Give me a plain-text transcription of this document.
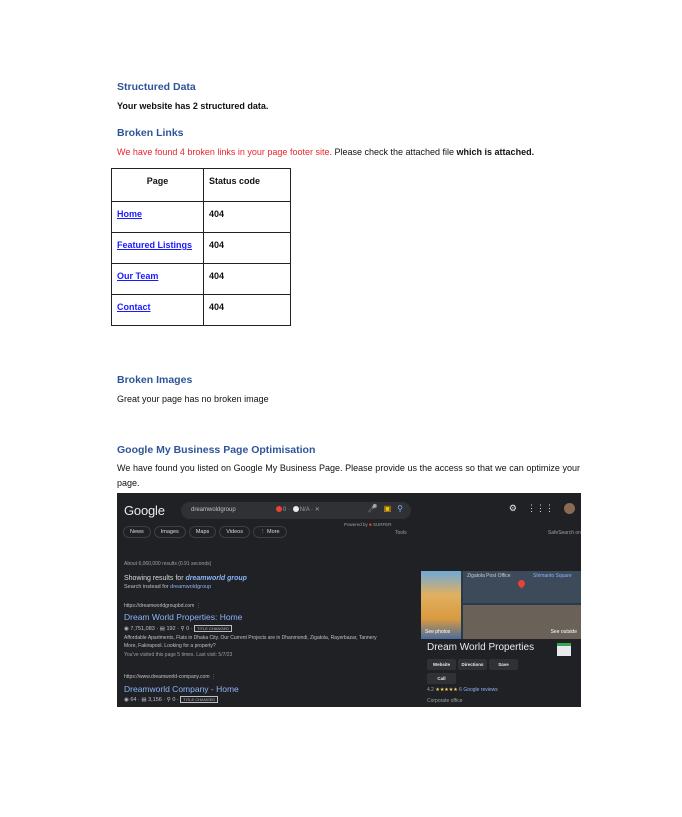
Structured Data
Your website has 2 structured data.
Broken Links
We have found 4 broken links in your page footer site. Please check the attached file which is attached.
Page	Status code
Home	404
Featured Listings	404
Our Team	404
Contact	404
Broken Images
Great your page has no broken image
Google My Business Page Optimisation
We have found you listed on Google My Business Page. Please provide us the access so that we can optimize your page.
Google	dreamwoldgroup	0 · N/A · ✕	🎤 ▣ ⚲
Powered by ■ SURFER
⚙ ⋮⋮⋮
News	Images	Maps	Videos	⋮ More	Tools	SafeSearch on
About 6,060,000 results (0.91 seconds)
Showing results for dreamworld group
Search instead for dreamwoldgroup
https://dreamworldgroupbd.com ⋮
Dream World Properties: Home
◉ 7,751,083 · ▤ 192 · ⚲ 0 · TITLE CHANGED
Affordable Apartments, Flats in Dhaka City. Our Current Projects are in Dhanmondi, Zigatola, Rayerbazar, Tannery More, Fakirapool. Looking for a property?
You've visited this page 5 times. Last visit: 5/7/23
https://www.dreamworld-company.com ⋮
Dreamworld Company - Home
◉ 64 · ▤ 3,156 · ⚲ 0 · TITLE CHANGED
Zigatola Post Office	Shimanto Square
See photos	See outside
Dream World Properties
Website	Directions	SaveCall
4.2 ★★★★★ 6 Google reviews
Corporate office
